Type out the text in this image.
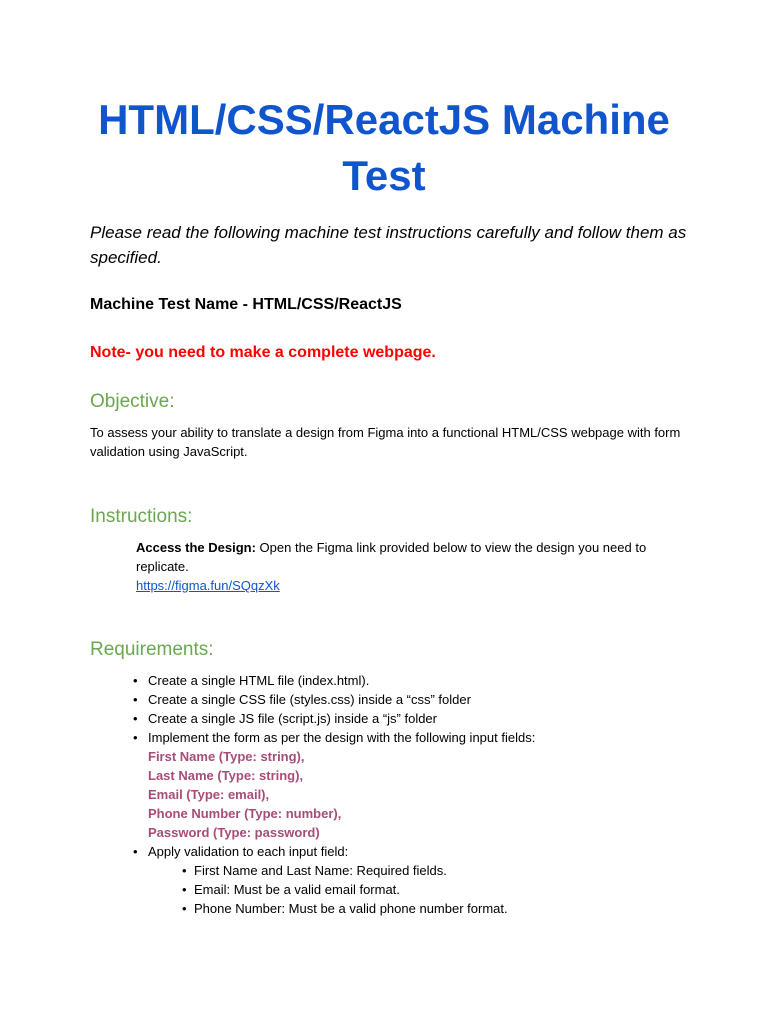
HTML/CSS/ReactJS Machine Test

Please read the following machine test instructions carefully and follow them as specified.

Machine Test Name - HTML/CSS/ReactJS

Note- you need to make a complete webpage.

Objective:

To assess your ability to translate a design from Figma into a functional HTML/CSS webpage with form validation using JavaScript.

Instructions:

Access the Design: Open the Figma link provided below to view the design you need to replicate.

https://figma.fun/SQqzXk

Requirements:
• Create a single HTML file (index.html).
• Create a single CSS file (styles.css) inside a “css” folder
• Create a single JS file (script.js) inside a “js” folder
• Implement the form as per the design with the following input fields:
First Name (Type: string),
Last Name (Type: string),
Email (Type: email),
Phone Number (Type: number),
Password (Type: password)
• Apply validation to each input field:
• First Name and Last Name: Required fields.
• Email: Must be a valid email format.
• Phone Number: Must be a valid phone number format.
